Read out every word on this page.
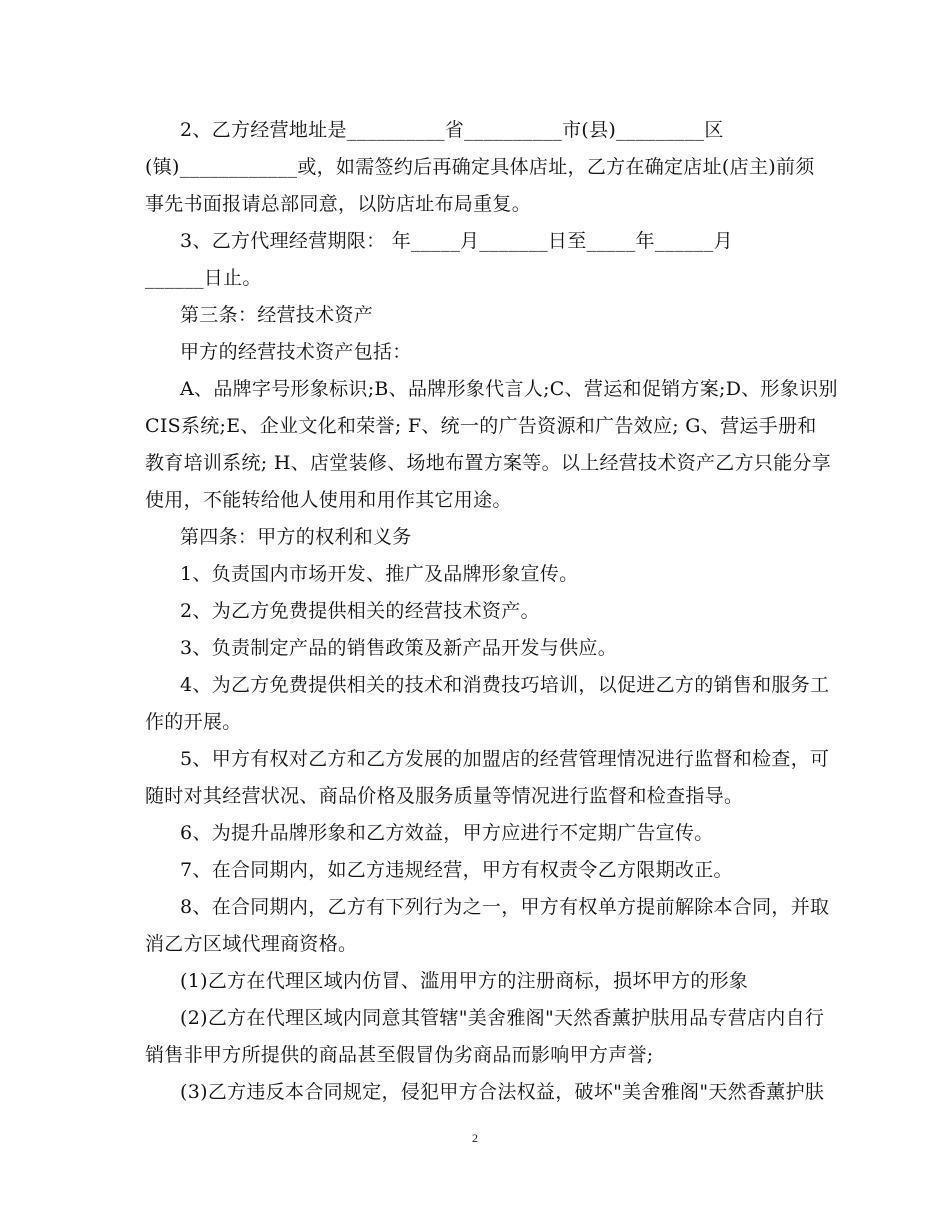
2、乙方经营地址是__________省__________市(县)_________区
(镇)____________或，如需签约后再确定具体店址，乙方在确定店址(店主)前须
事先书面报请总部同意，以防店址布局重复。
3、乙方代理经营期限： 年_____月_______日至_____年______月
______日止。
第三条：经营技术资产
甲方的经营技术资产包括：
A、品牌字号形象标识;B、品牌形象代言人;C、营运和促销方案;D、形象识别
CIS系统;E、企业文化和荣誉; F、统一的广告资源和广告效应; G、营运手册和
教育培训系统; H、店堂装修、场地布置方案等。以上经营技术资产乙方只能分享
使用，不能转给他人使用和用作其它用途。
第四条：甲方的权利和义务
1、负责国内市场开发、推广及品牌形象宣传。
2、为乙方免费提供相关的经营技术资产。
3、负责制定产品的销售政策及新产品开发与供应。
4、为乙方免费提供相关的技术和消费技巧培训，以促进乙方的销售和服务工
作的开展。
5、甲方有权对乙方和乙方发展的加盟店的经营管理情况进行监督和检查，可
随时对其经营状况、商品价格及服务质量等情况进行监督和检查指导。
6、为提升品牌形象和乙方效益，甲方应进行不定期广告宣传。
7、在合同期内，如乙方违规经营，甲方有权责令乙方限期改正。
8、在合同期内，乙方有下列行为之一，甲方有权单方提前解除本合同，并取
消乙方区域代理商资格。
(1)乙方在代理区域内仿冒、滥用甲方的注册商标，损坏甲方的形象
(2)乙方在代理区域内同意其管辖"美舍雅阁"天然香薰护肤用品专营店内自行
销售非甲方所提供的商品甚至假冒伪劣商品而影响甲方声誉;
(3)乙方违反本合同规定，侵犯甲方合法权益，破坏"美舍雅阁"天然香薰护肤
2
